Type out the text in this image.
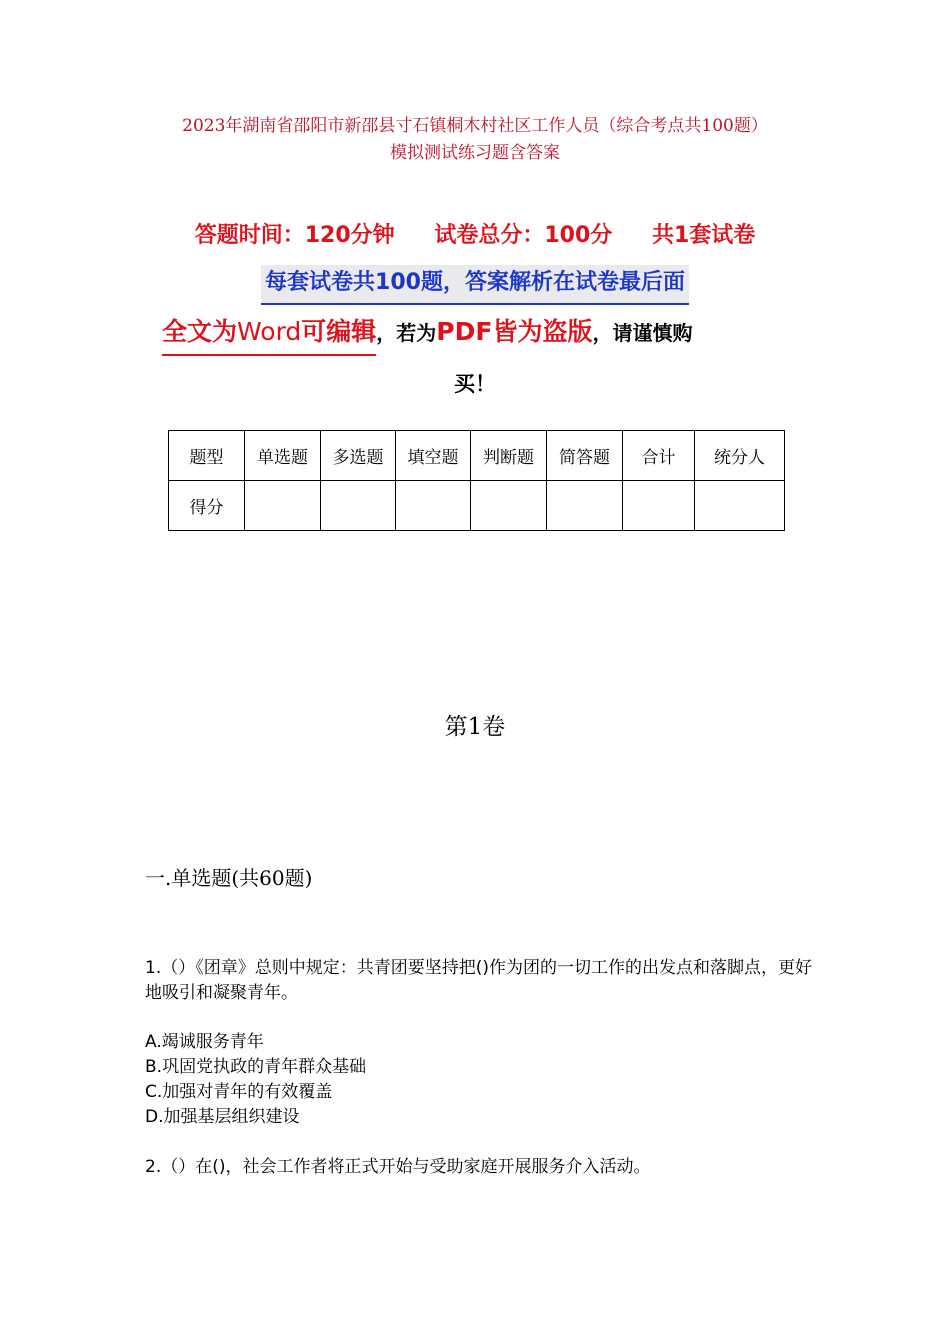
2023年湖南省邵阳市新邵县寸石镇桐木村社区工作人员（综合考点共100题）
模拟测试练习题含答案
答题时间：120分钟 试卷总分：100分 共1套试卷
每套试卷共100题，答案解析在试卷最后面
全文为Word可编辑，若为PDF皆为盗版，请谨慎购
买！
题型	单选题	多选题	填空题	判断题	简答题	合计	统分人
得分							
第1卷
一.单选题(共60题)
1.（）《团章》总则中规定：共青团要坚持把()作为团的一切工作的出发点和落脚点，更好地吸引和凝聚青年。
A.竭诚服务青年
B.巩固党执政的青年群众基础
C.加强对青年的有效覆盖
D.加强基层组织建设
2.（）在()，社会工作者将正式开始与受助家庭开展服务介入活动。
